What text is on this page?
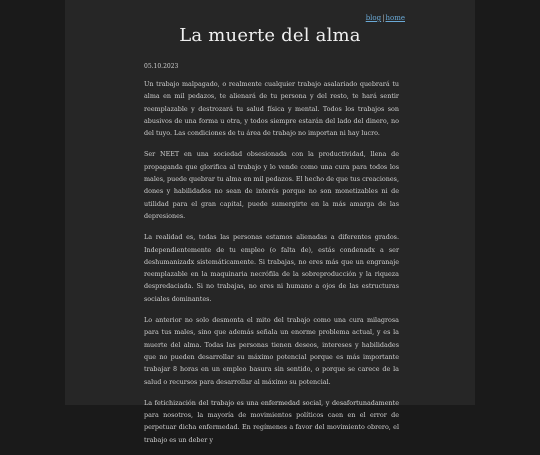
blog|home
La muerte del alma
05.10.2023

Un trabajo malpagado, o realmente cualquier trabajo asalariado quebrará tu alma en mil pedazos, te alienará de tu persona y del resto, te hará sentir reemplazable y destrozará tu salud física y mental. Todos los trabajos son abusivos de una forma u otra, y todos siempre estarán del lado del dinero, no del tuyo. Las condiciones de tu área de trabajo no importan ni hay lucro.

Ser NEET en una sociedad obsesionada con la productividad, llena de propaganda que glorifica al trabajo y lo vende como una cura para todos los males, puede quebrar tu alma en mil pedazos. El hecho de que tus creaciones, dones y habilidades no sean de interés porque no son monetizables ni de utilidad para el gran capital, puede sumergirte en la más amarga de las depresiones.

La realidad es, todas las personas estamos alienadas a diferentes grados. Independientemente de tu empleo (o falta de), estás condenadx a ser deshumanizadx sistemáticamente. Si trabajas, no eres más que un engranaje reemplazable en la maquinaria necrófila de la sobreproducción y la riqueza despredaciada. Si no trabajas, no eres ni humano a ojos de las estructuras sociales dominantes.

Lo anterior no solo desmonta el mito del trabajo como una cura milagrosa para tus males, sino que además señala un enorme problema actual, y es la muerte del alma. Todas las personas tienen deseos, intereses y habilidades que no pueden desarrollar su máximo potencial porque es más importante trabajar 8 horas en un empleo basura sin sentido, o porque se carece de la salud o recursos para desarrollar al máximo su potencial.

La fetichización del trabajo es una enfermedad social, y desafortunadamente para nosotros, la mayoría de movimientos políticos caen en el error de perpetuar dicha enfermedad. En regímenes a favor del movimiento obrero, el trabajo es un deber y
